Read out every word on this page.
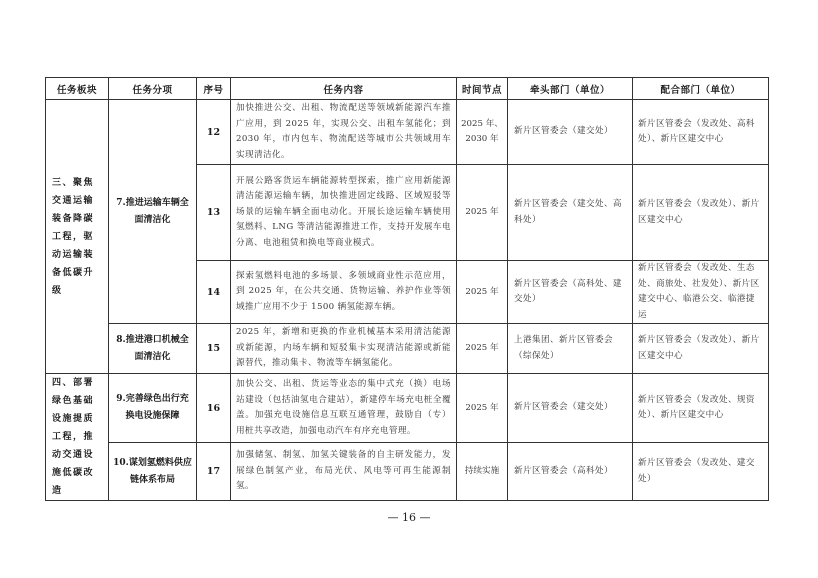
任务板块	任务分项	序号	任务内容	时间节点	牵头部门（单位）	配合部门（单位）
三、聚焦交通运输装备降碳工程，驱动运输装备低碳升级	7.推进运输车辆全面清洁化	12	加快推进公交、出租、物流配送等领域新能源汽车推广应用，到 2025 年，实现公交、出租车氢能化；到 2030 年，市内包车、物流配送等城市公共领域用车实现清洁化。	2025 年、2030 年	新片区管委会（建交处）	新片区管委会（发改处、高科处）、新片区建交中心
		13	开展公路客货运车辆能源转型探索，推广应用新能源清洁能源运输车辆，加快推进固定线路、区域短驳等场景的运输车辆全面电动化。开展长途运输车辆使用氢燃料、LNG 等清洁能源推进工作，支持开发展车电分离、电池租赁和换电等商业模式。	2025 年	新片区管委会（建交处、高科处）	新片区管委会（发改处）、新片区建交中心
		14	探索氢燃料电池的多场景、多领域商业性示范应用，到 2025 年，在公共交通、货物运输、养护作业等领域推广应用不少于 1500 辆氢能源车辆。	2025 年	新片区管委会（高科处、建交处）	新片区管委会（发改处、生态处、商旅处、社发处）、新片区建交中心、临港公交、临港捷运
	8.推进港口机械全面清洁化	15	2025 年，新增和更换的作业机械基本采用清洁能源或新能源，内场车辆和短驳集卡实现清洁能源或新能源替代，推动集卡、物流等车辆氢能化。	2025 年	上港集团、新片区管委会（综保处）	新片区管委会（发改处）、新片区建交中心
四、部署绿色基础设施提质工程，推动交通设施低碳改造	9.完善绿色出行充换电设施保障	16	加快公交、出租、货运等业态的集中式充（换）电场站建设（包括油氢电合建站），新建停车场充电桩全覆盖。加强充电设施信息互联互通管理，鼓励自（专）用桩共享改造，加强电动汽车有序充电管理。	2025 年	新片区管委会（建交处）	新片区管委会（发改处、规资处）、新片区建交中心
	10.谋划氢燃料供应链体系布局	17	加强储氢、制氢、加氢关键装备的自主研发能力，发展绿色制氢产业，布局光伏、风电等可再生能源制氢。	持续实施	新片区管委会（高科处）	新片区管委会（发改处、建交处）
— 16 —
